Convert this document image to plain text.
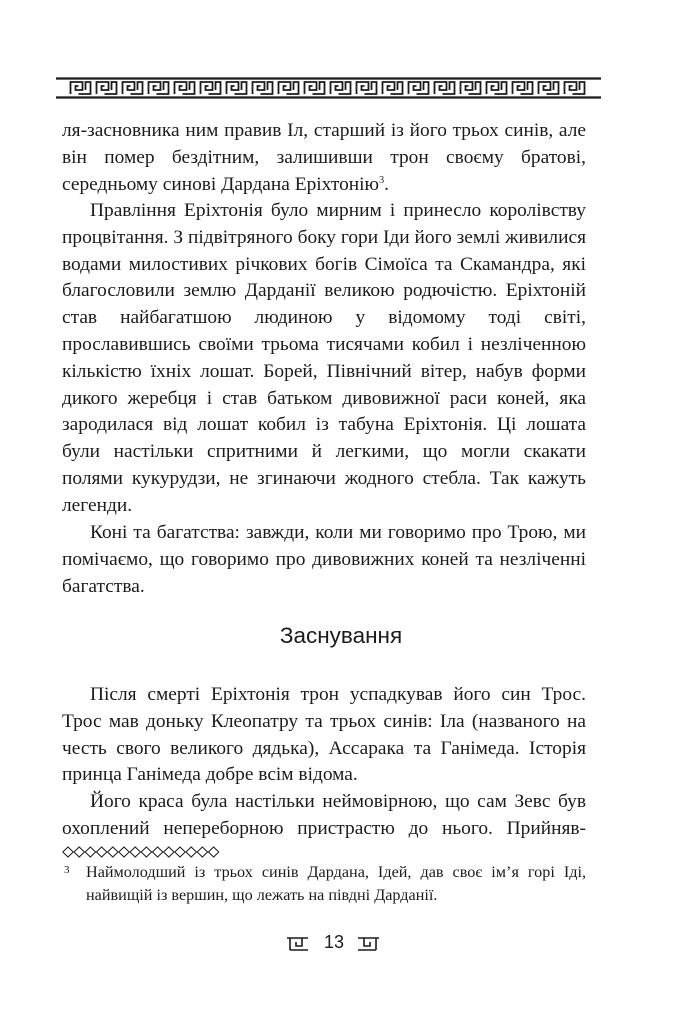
ля-засновника ним правив Іл, старший із його трьох синів, але він помер бездітним, залишивши трон своєму братові, середньому синові Дардана Еріхтонію$^3$.

Правління Еріхтонія було мирним і принесло королівству процвітання. З підвітряного боку гори Іди його землі живилися водами милостивих річкових богів Сімоїса та Скамандра, які благословили землю Дарданії великою родючістю. Еріхтоній став найбагатшою людиною у відомому тоді світі, прославившись своїми трьома тисячами кобил і незліченною кількістю їхніх лошат. Борей, Північний вітер, набув форми дикого жеребця і став батьком дивовижної раси коней, яка зародилася від лошат кобил із табуна Еріхтонія. Ці лошата були настільки спритними й легкими, що могли скакати полями кукурудзи, не згинаючи жодного стебла. Так кажуть легенди.

Коні та багатства: завжди, коли ми говоримо про Трою, ми помічаємо, що говоримо про дивовижних коней та незліченні багатства.

Заснування

Після смерті Еріхтонія трон успадкував його син Трос. Трос мав доньку Клеопатру та трьох синів: Іла (названого на честь свого великого дядька), Ассарака та Ганімеда. Історія принца Ганімеда добре всім відома.

Його краса була настільки неймовірною, що сам Зевс був охоплений непереборною пристрастю до нього. Прийняв-

3 Наймолодший із трьох синів Дардана, Ідей, дав своє ім’я горі Іді, найвищій із вершин, що лежать на півдні Дарданії.
13
